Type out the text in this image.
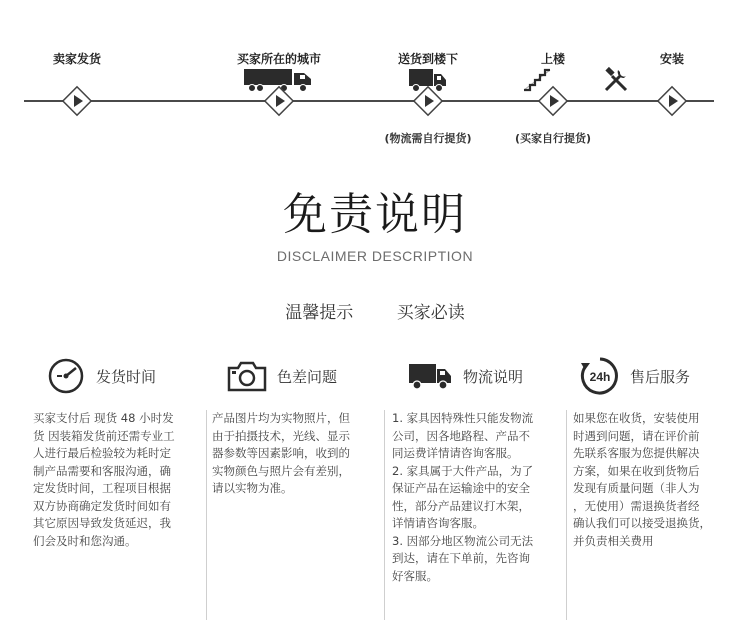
卖家发货	买家所在的城市	送货到楼下
(物流需自行提货)
上楼
(买家自行提货)
安装
免责说明
DISCLAIMER DESCRIPTION
温馨提示	买家必读
发货时间

买家支付后 现货 48 小时发

货 因装箱发货前还需专业工

人进行最后检验较为耗时定

制产品需要和客服沟通，确

定发货时间，工程项目根据

双方协商确定发货时间如有

其它原因导致发货延迟，我

们会及时和您沟通。

色差问题

产品图片均为实物照片，但

由于拍摄技术，光线、显示

器参数等因素影响，收到的

实物颜色与照片会有差别，

请以实物为准。

物流说明

1. 家具因特殊性只能发物流

公司，因各地路程、产品不

同运费详情请咨询客服。

2. 家具属于大件产品，为了

保证产品在运输途中的安全

性，部分产品建议打木架，

详情请咨询客服。

3. 因部分地区物流公司无法

到达，请在下单前，先咨询

好客服。

24h 售后服务

如果您在收货，安装使用

时遇到问题，请在评价前

先联系客服为您提供解决

方案，如果在收到货物后

发现有质量问题（非人为

，无使用）需退换货者经

确认我们可以接受退换货，

并负责相关费用
